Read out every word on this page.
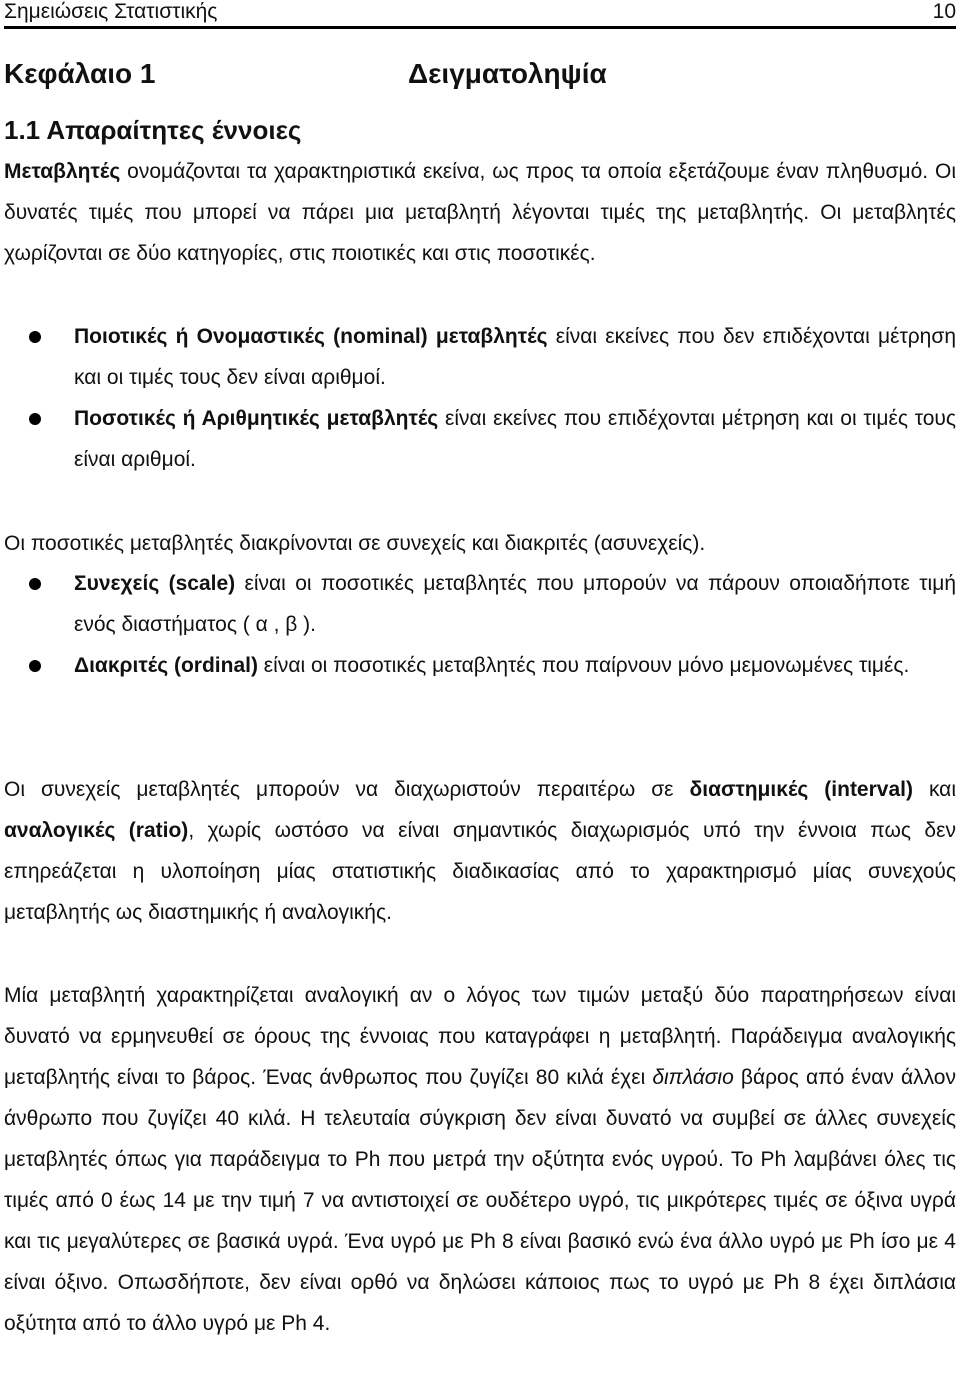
Σημειώσεις Στατιστικής	10
Κεφάλαιο 1	Δειγματοληψία
1.1 Απαραίτητες έννοιες
Μεταβλητές ονομάζονται τα χαρακτηριστικά εκείνα, ως προς τα οποία εξετάζουμε έναν πληθυσμό. Οι δυνατές τιμές που μπορεί να πάρει μια μεταβλητή λέγονται τιμές της μεταβλητής. Οι μεταβλητές χωρίζονται σε δύο κατηγορίες, στις ποιοτικές και στις ποσοτικές.
Ποιοτικές ή Ονομαστικές (nominal) μεταβλητές είναι εκείνες που δεν επιδέχονται μέτρηση και οι τιμές τους δεν είναι αριθμοί.
Ποσοτικές ή Αριθμητικές μεταβλητές είναι εκείνες που επιδέχονται μέτρηση και οι τιμές τους είναι αριθμοί.
Οι ποσοτικές μεταβλητές διακρίνονται σε συνεχείς και διακριτές (ασυνεχείς).
Συνεχείς (scale) είναι οι ποσοτικές μεταβλητές που μπορούν να πάρουν οποιαδήποτε τιμή ενός διαστήματος ( α , β ).
Διακριτές (ordinal) είναι οι ποσοτικές μεταβλητές που παίρνουν μόνο μεμονωμένες τιμές.
Οι συνεχείς μεταβλητές μπορούν να διαχωριστούν περαιτέρω σε διαστημικές (interval) και αναλογικές (ratio), χωρίς ωστόσο να είναι σημαντικός διαχωρισμός υπό την έννοια πως δεν επηρεάζεται η υλοποίηση μίας στατιστικής διαδικασίας από το χαρακτηρισμό μίας συνεχούς μεταβλητής ως διαστημικής ή αναλογικής.
Μία μεταβλητή χαρακτηρίζεται αναλογική αν ο λόγος των τιμών μεταξύ δύο παρατηρήσεων είναι δυνατό να ερμηνευθεί σε όρους της έννοιας που καταγράφει η μεταβλητή. Παράδειγμα αναλογικής μεταβλητής είναι το βάρος. Ένας άνθρωπος που ζυγίζει 80 κιλά έχει διπλάσιο βάρος από έναν άλλον άνθρωπο που ζυγίζει 40 κιλά. Η τελευταία σύγκριση δεν είναι δυνατό να συμβεί σε άλλες συνεχείς μεταβλητές όπως για παράδειγμα το Ph που μετρά την οξύτητα ενός υγρού. Το Ph λαμβάνει όλες τις τιμές από 0 έως 14 με την τιμή 7 να αντιστοιχεί σε ουδέτερο υγρό, τις μικρότερες τιμές σε όξινα υγρά και τις μεγαλύτερες σε βασικά υγρά. Ένα υγρό με Ph 8 είναι βασικό ενώ ένα άλλο υγρό με Ph ίσο με 4 είναι όξινο. Οπωσδήποτε, δεν είναι ορθό να δηλώσει κάποιος πως το υγρό με Ph 8 έχει διπλάσια οξύτητα από το άλλο υγρό με Ph 4.
